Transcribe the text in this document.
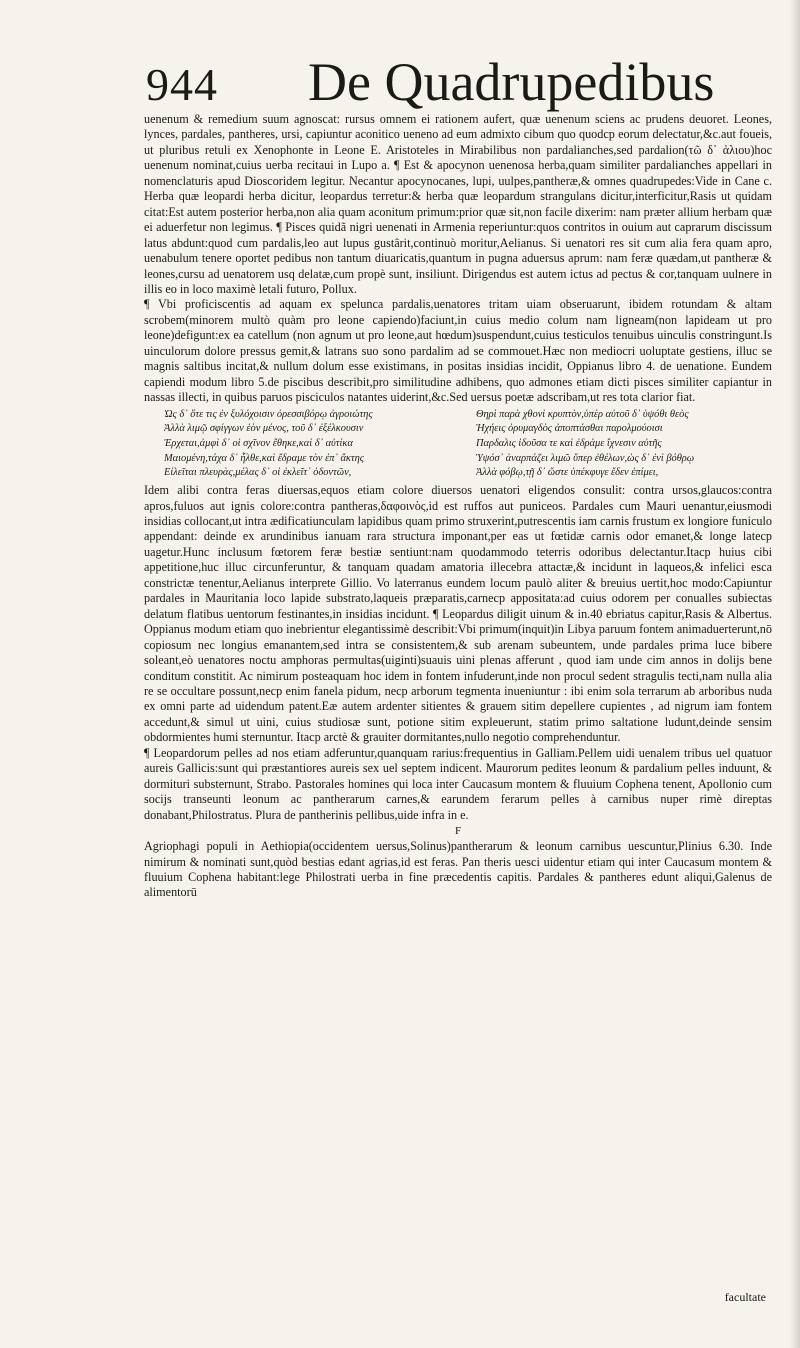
944 De Quadrupedibus

uenenum & remedium suum agnoscat: rursus omnem ei rationem aufert, quæ uenenum sciens ac prudens deuoret. Leones, lynces, pardales, pantheres, ursi, capiuntur aconitico ueneno ad eum admixto cibum quo quodcp eorum delectatur,&c.aut foueis, ut pluribus retuli ex Xenophonte in Leone E. Aristoteles in Mirabilibus non pardalianches,sed pardalion(τῶ δ᾽ ἀλιου)hoc uenenum nominat,cuius uerba recitaui in Lupo a. ¶ Est & apocynon uenenosa herba,quam similiter pardalianches appellari in nomenclaturis apud Dioscoridem legitur. Necantur apocynocanes, lupi, uulpes,pantheræ,& omnes quadrupedes:Vide in Cane c. Herba quæ leopardi herba dicitur, leopardus terretur:& herba quæ leopardum strangulans dicitur,interficitur,Rasis ut quidam citat:Est autem posterior herba,non alia quam aconitum primum:prior quæ sit,non facile dixerim: nam præter allium herbam quæ ei aduerfetur non legimus. ¶ Pisces quidã nigri uenenati in Armenia reperiuntur:quos contritos in ouium aut caprarum discissum latus abdunt:quod cum pardalis,leo aut lupus gustârit,continuò moritur,Aelianus. Si uenatori res sit cum alia fera quam apro, uenabulum tenere oportet pedibus non tantum diuaricatis,quantum in pugna aduersus aprum: nam feræ quædam,ut pantheræ & leones,cursu ad uenatorem usq delatæ,cum propè sunt, insiliunt. Dirigendus est autem ictus ad pectus & cor,tanquam uulnere in illis eo in loco maximè letali futuro, Pollux.

¶ Vbi proficiscentis ad aquam ex spelunca pardalis,uenatores tritam uiam obseruarunt, ibidem rotundam & altam scrobem(minorem multò quàm pro leone capiendo)faciunt,in cuius medio colum nam ligneam(non lapideam ut pro leone)defigunt:ex ea catellum (non agnum ut pro leone,aut hœdum)suspendunt,cuius testiculos tenuibus uinculis constringunt.Is uinculorum dolore pressus gemit,& latrans suo sono pardalim ad se commouet.Hæc non mediocri uoluptate gestiens, illuc se magnis saltibus incitat,& nullum dolum esse existimans, in positas insidias incidit, Oppianus libro 4. de uenatione. Eundem capiendi modum libro 5.de piscibus describit,pro similitudine adhibens, quo admones etiam dicti pisces similiter capiantur in nassas illecti, in quibus paruos pisciculos natantes uiderint,&c.Sed uersus poetæ adscribam,ut res tota clarior fiat.

Ὡς δ᾽ ὅτε τις ἐν ξυλόχοισιν ὀρεσσιβόρῳ ἀγροιώτης
Ἀλλὰ λιμῷ σφίγγων ἑὸν μένος, τοῦ δ᾽ ἐξέλκουσιν
Ἐρχεται,ἀμφὶ δ᾽ οἱ σχῖνον ἔθηκε,καὶ δ᾽ αὐτίκα
Μαιομένη,τάχα δ᾽ ἦλθε,καὶ ἔδραμε τὸν ἐπ᾽ ἄκτης
Εἰλεῖται πλευρὰς,μέλας δ᾽ οἱ ἐκλεῖτ᾽ ὀδοντῶν,
Θηρὶ παρὰ χθονὶ κρυπτὸν,ὑπὲρ αὐτοῦ δ᾽ ὑψόθι θεὸς
Ἡχήεις ὀρυμαγδὸς ἀποπτάσθαι παρολμούοισι
Παρδαλις ἰδοῦσα τε καὶ ἐδράμε ἴχνεσιν αὐτῆς
Ὑψόσ᾽ ἀναρπάζει λιμῶ ὕπερ ἐθέλων,ὡς δ᾽ ἐνὶ βόθρῳ
Ἀλλὰ φόβῳ,τῇ δ᾽ ὥστε ὑπέκφυγε ἔδεν ἐπίμει,

Idem alibi contra feras diuersas,equos etiam colore diuersos uenatori eligendos consulit: contra ursos,glaucos:contra apros,fuluos aut ignis colore:contra pantheras,δαφοινὸς,id est ruffos aut puniceos. Pardales cum Mauri uenantur,eiusmodi insidias collocant,ut intra ædificatiunculam lapidibus quam primo struxerint,putrescentis iam carnis frustum ex longiore funiculo appendant: deinde ex arundinibus ianuam rara structura imponant,per eas ut fœtidæ carnis odor emanet,& longe latecp uagetur.Hunc inclusum fœtorem feræ bestiæ sentiunt:nam quodammodo teterris odoribus delectantur.Itacp huius cibi appetitione,huc illuc circunferuntur, & tanquam quadam amatoria illecebra attactæ,& incidunt in laqueos,& infelici esca constrictæ tenentur,Aelianus interprete Gillio. Vo laterranus eundem locum paulò aliter & breuius uertit,hoc modo:Capiuntur pardales in Mauritania loco lapide substrato,laqueis præparatis,carnecp appositata:ad cuius odorem per conualles subiectas delatum flatibus uentorum festinantes,in insidias incidunt. ¶ Leopardus diligit uinum & in.40 ebriatus capitur,Rasis & Albertus. Oppianus modum etiam quo inebrientur elegantissimè describit:Vbi primum(inquit)in Libya paruum fontem animaduerterunt,nō copiosum nec longius emanantem,sed intra se consistentem,& sub arenam subeuntem, unde pardales prima luce bibere soleant,eò uenatores noctu amphoras permultas(uiginti)suauis uini plenas afferunt , quod iam unde cim annos in dolijs bene conditum constitit. Ac nimirum posteaquam hoc idem in fontem infuderunt,inde non procul sedent stragulis tecti,nam nulla alia re se occultare possunt,necp enim fanela pidum, necp arborum tegmenta inueniuntur : ibi enim sola terrarum ab arboribus nuda ex omni parte ad uidendum patent.Eæ autem ardenter sitientes & grauem sitim depellere cupientes , ad nigrum iam fontem accedunt,& simul ut uini, cuius studiosæ sunt, potione sitim expleuerunt, statim primo saltatione ludunt,deinde sensim obdormientes humi sternuntur. Itacp arctè & grauiter dormitantes,nullo negotio comprehenduntur.

¶ Leopardorum pelles ad nos etiam adferuntur,quanquam rarius:frequentius in Galliam.Pellem uidi uenalem tribus uel quatuor aureis Gallicis:sunt qui præstantiores aureis sex uel septem indicent. Maurorum pedites leonum & pardalium pelles induunt, & dormituri substernunt, Strabo. Pastorales homines qui loca inter Caucasum montem & fluuium Cophena tenent, Apollonio cum socijs transeunti leonum ac pantherarum carnes,& earundem ferarum pelles à carnibus nuper rimè direptas donabant,Philostratus. Plura de pantherinis pellibus,uide infra in e.

F

Agriophagi populi in Aethiopia(occidentem uersus,Solinus)pantherarum & leonum carnibus uescuntur,Plinius 6.30. Inde nimirum & nominati sunt,quòd bestias edant agrias,id est feras. Pan theris uesci uidentur etiam qui inter Caucasum montem & fluuium Cophena habitant:lege Philostrati uerba in fine præcedentis capitis. Pardales & pantheres edunt aliqui,Galenus de alimentorū

facultate
